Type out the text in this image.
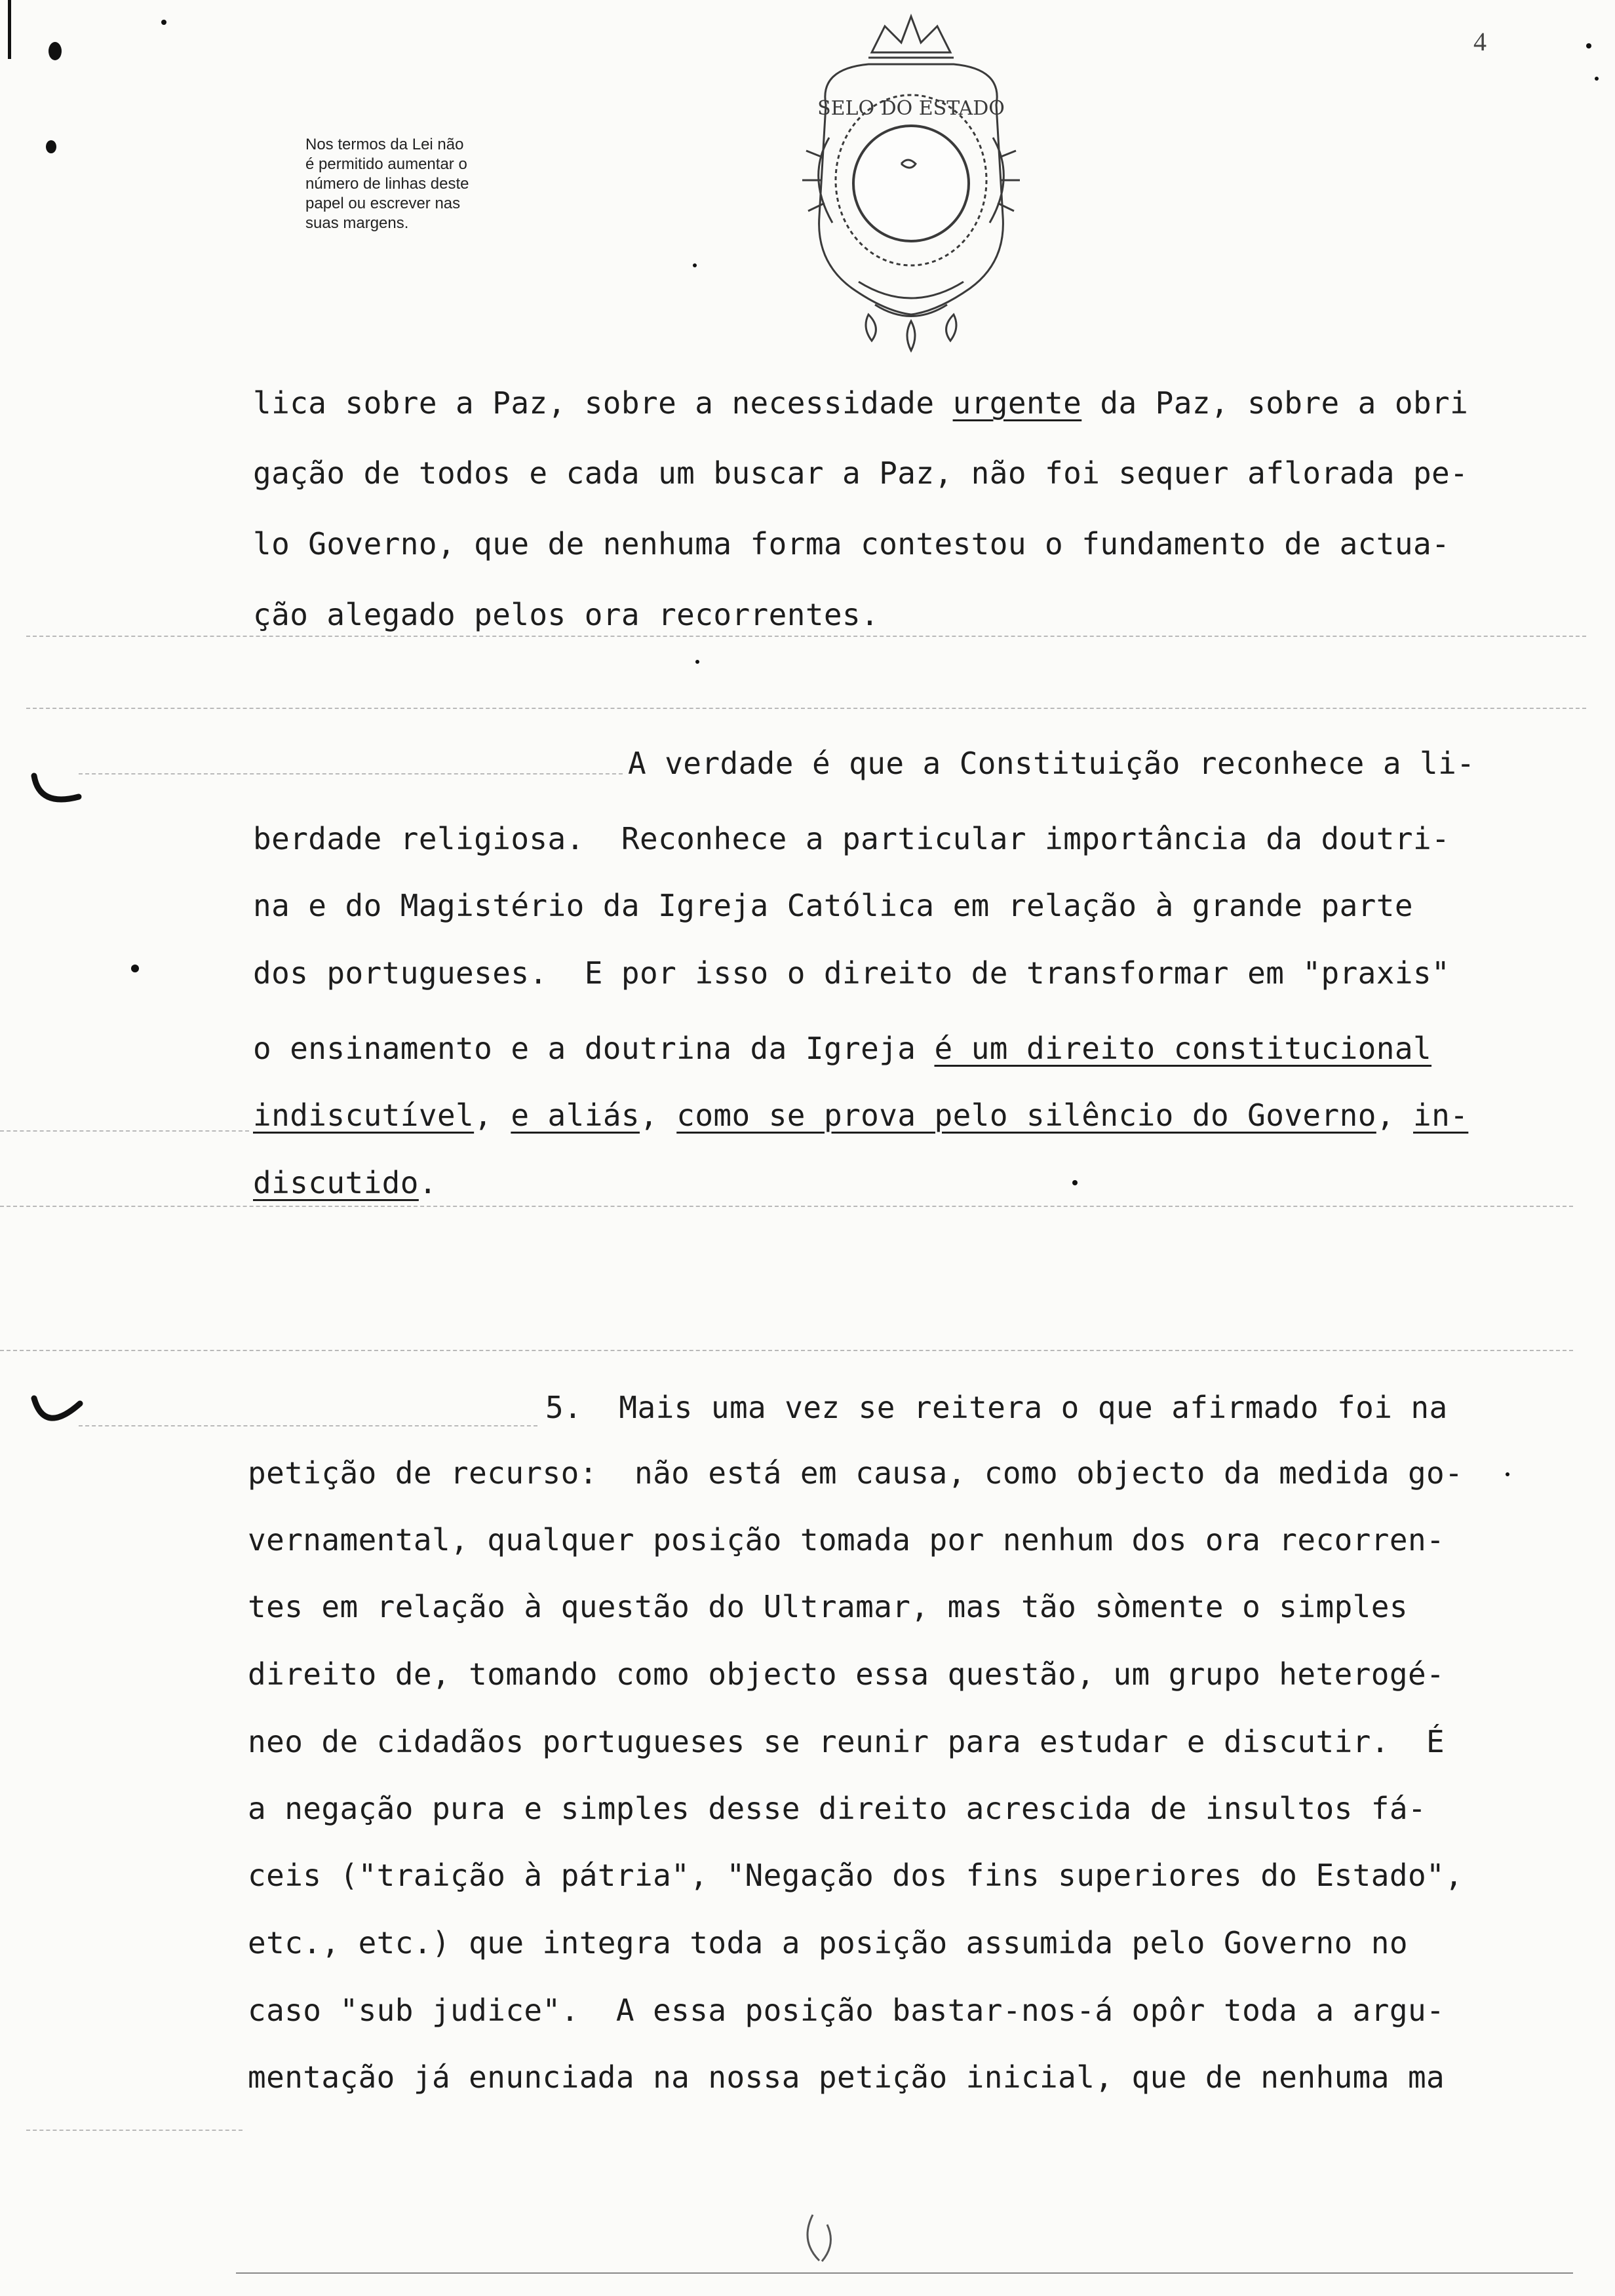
4
Nos termos da Lei não
é permitido aumentar o
número de linhas deste
papel ou escrever nas
suas margens.
SELO DO ESTADO
lica sobre a Paz, sobre a necessidade urgente da Paz, sobre a obri
gação de todos e cada um buscar a Paz, não foi sequer aflorada pe-
lo Governo, que de nenhuma forma contestou o fundamento de actua-
ção alegado pelos ora recorrentes.
A verdade é que a Constituição reconhece a li-
berdade religiosa.  Reconhece a particular importância da doutri-
na e do Magistério da Igreja Católica em relação à grande parte
dos portugueses.  E por isso o direito de transformar em "praxis"
o ensinamento e a doutrina da Igreja é um direito constitucional
indiscutível, e aliás, como se prova pelo silêncio do Governo, in-
discutido.
5.  Mais uma vez se reitera o que afirmado foi na
petição de recurso:  não está em causa, como objecto da medida go-
vernamental, qualquer posição tomada por nenhum dos ora recorren-
tes em relação à questão do Ultramar, mas tão sòmente o simples
direito de, tomando como objecto essa questão, um grupo heterogé-
neo de cidadãos portugueses se reunir para estudar e discutir.  É
a negação pura e simples desse direito acrescida de insultos fá-
ceis ("traição à pátria", "Negação dos fins superiores do Estado",
etc., etc.) que integra toda a posição assumida pelo Governo no
caso "sub judice".  A essa posição bastar-nos-á opôr toda a argu-
mentação já enunciada na nossa petição inicial, que de nenhuma ma
